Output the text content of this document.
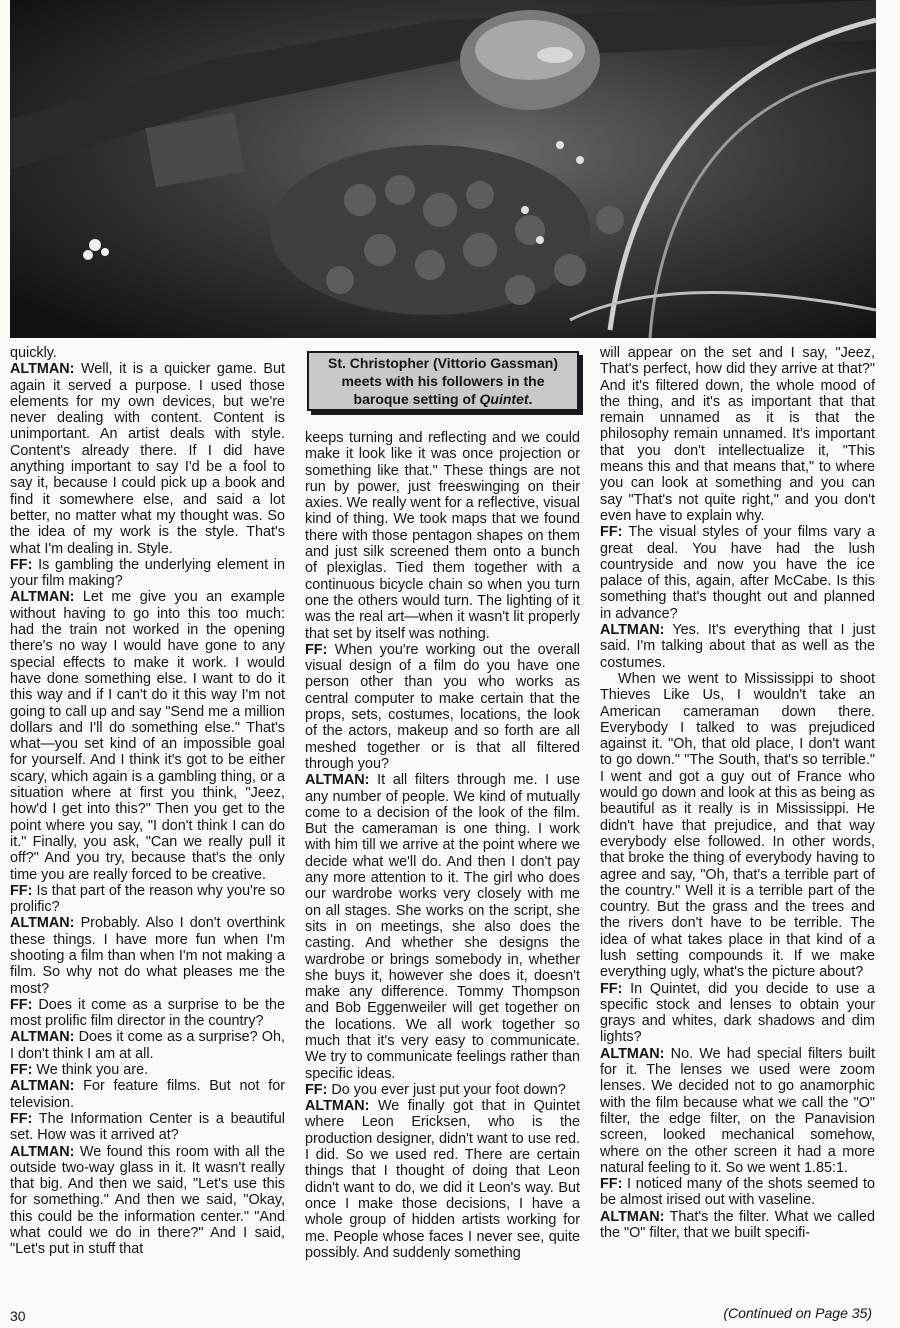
St. Christopher (Vittorio Gassman) meets with his followers in the baroque setting of Quintet.

quickly.

ALTMAN: Well, it is a quicker game. But again it served a purpose. I used those elements for my own devices, but we're never dealing with content. Content is unimportant. An artist deals with style. Content's already there. If I did have anything important to say I'd be a fool to say it, because I could pick up a book and find it somewhere else, and said a lot better, no matter what my thought was. So the idea of my work is the style. That's what I'm dealing in. Style.

FF: Is gambling the underlying element in your film making?

ALTMAN: Let me give you an example without having to go into this too much: had the train not worked in the opening there's no way I would have gone to any special effects to make it work. I would have done something else. I want to do it this way and if I can't do it this way I'm not going to call up and say "Send me a million dollars and I'll do something else." That's what—you set kind of an impossible goal for yourself. And I think it's got to be either scary, which again is a gambling thing, or a situation where at first you think, "Jeez, how'd I get into this?" Then you get to the point where you say, "I don't think I can do it." Finally, you ask, "Can we really pull it off?" And you try, because that's the only time you are really forced to be creative.

FF: Is that part of the reason why you're so prolific?

ALTMAN: Probably. Also I don't overthink these things. I have more fun when I'm shooting a film than when I'm not making a film. So why not do what pleases me the most?

FF: Does it come as a surprise to be the most prolific film director in the country?

ALTMAN: Does it come as a surprise? Oh, I don't think I am at all.

FF: We think you are.

ALTMAN: For feature films. But not for television.

FF: The Information Center is a beautiful set. How was it arrived at?

ALTMAN: We found this room with all the outside two-way glass in it. It wasn't really that big. And then we said, "Let's use this for something." And then we said, "Okay, this could be the information center." "And what could we do in there?" And I said, "Let's put in stuff that

keeps turning and reflecting and we could make it look like it was once projection or something like that." These things are not run by power, just freeswinging on their axies. We really went for a reflective, visual kind of thing. We took maps that we found there with those pentagon shapes on them and just silk screened them onto a bunch of plexiglas. Tied them together with a continuous bicycle chain so when you turn one the others would turn. The lighting of it was the real art—when it wasn't lit properly that set by itself was nothing.

FF: When you're working out the overall visual design of a film do you have one person other than you who works as central computer to make certain that the props, sets, costumes, locations, the look of the actors, makeup and so forth are all meshed together or is that all filtered through you?

ALTMAN: It all filters through me. I use any number of people. We kind of mutually come to a decision of the look of the film. But the cameraman is one thing. I work with him till we arrive at the point where we decide what we'll do. And then I don't pay any more attention to it. The girl who does our wardrobe works very closely with me on all stages. She works on the script, she sits in on meetings, she also does the casting. And whether she designs the wardrobe or brings somebody in, whether she buys it, however she does it, doesn't make any difference. Tommy Thompson and Bob Eggenweiler will get together on the locations. We all work together so much that it's very easy to communicate. We try to communicate feelings rather than specific ideas.

FF: Do you ever just put your foot down?

ALTMAN: We finally got that in Quintet where Leon Ericksen, who is the production designer, didn't want to use red. I did. So we used red. There are certain things that I thought of doing that Leon didn't want to do, we did it Leon's way. But once I make those decisions, I have a whole group of hidden artists working for me. People whose faces I never see, quite possibly. And suddenly something

will appear on the set and I say, "Jeez, That's perfect, how did they arrive at that?" And it's filtered down, the whole mood of the thing, and it's as important that that remain unnamed as it is that the philosophy remain unnamed. It's important that you don't intellectualize it, "This means this and that means that," to where you can look at something and you can say "That's not quite right," and you don't even have to explain why.

FF: The visual styles of your films vary a great deal. You have had the lush countryside and now you have the ice palace of this, again, after McCabe. Is this something that's thought out and planned in advance?

ALTMAN: Yes. It's everything that I just said. I'm talking about that as well as the costumes.

When we went to Mississippi to shoot Thieves Like Us, I wouldn't take an American cameraman down there. Everybody I talked to was prejudiced against it. "Oh, that old place, I don't want to go down." "The South, that's so terrible." I went and got a guy out of France who would go down and look at this as being as beautiful as it really is in Mississippi. He didn't have that prejudice, and that way everybody else followed. In other words, that broke the thing of everybody having to agree and say, "Oh, that's a terrible part of the country." Well it is a terrible part of the country. But the grass and the trees and the rivers don't have to be terrible. The idea of what takes place in that kind of a lush setting compounds it. If we make everything ugly, what's the picture about?

FF: In Quintet, did you decide to use a specific stock and lenses to obtain your grays and whites, dark shadows and dim lights?

ALTMAN: No. We had special filters built for it. The lenses we used were zoom lenses. We decided not to go anamorphic with the film because what we call the "O" filter, the edge filter, on the Panavision screen, looked mechanical somehow, where on the other screen it had a more natural feeling to it. So we went 1.85:1.

FF: I noticed many of the shots seemed to be almost irised out with vaseline.

ALTMAN: That's the filter. What we called the "O" filter, that we built specifi-

30	(Continued on Page 35)
